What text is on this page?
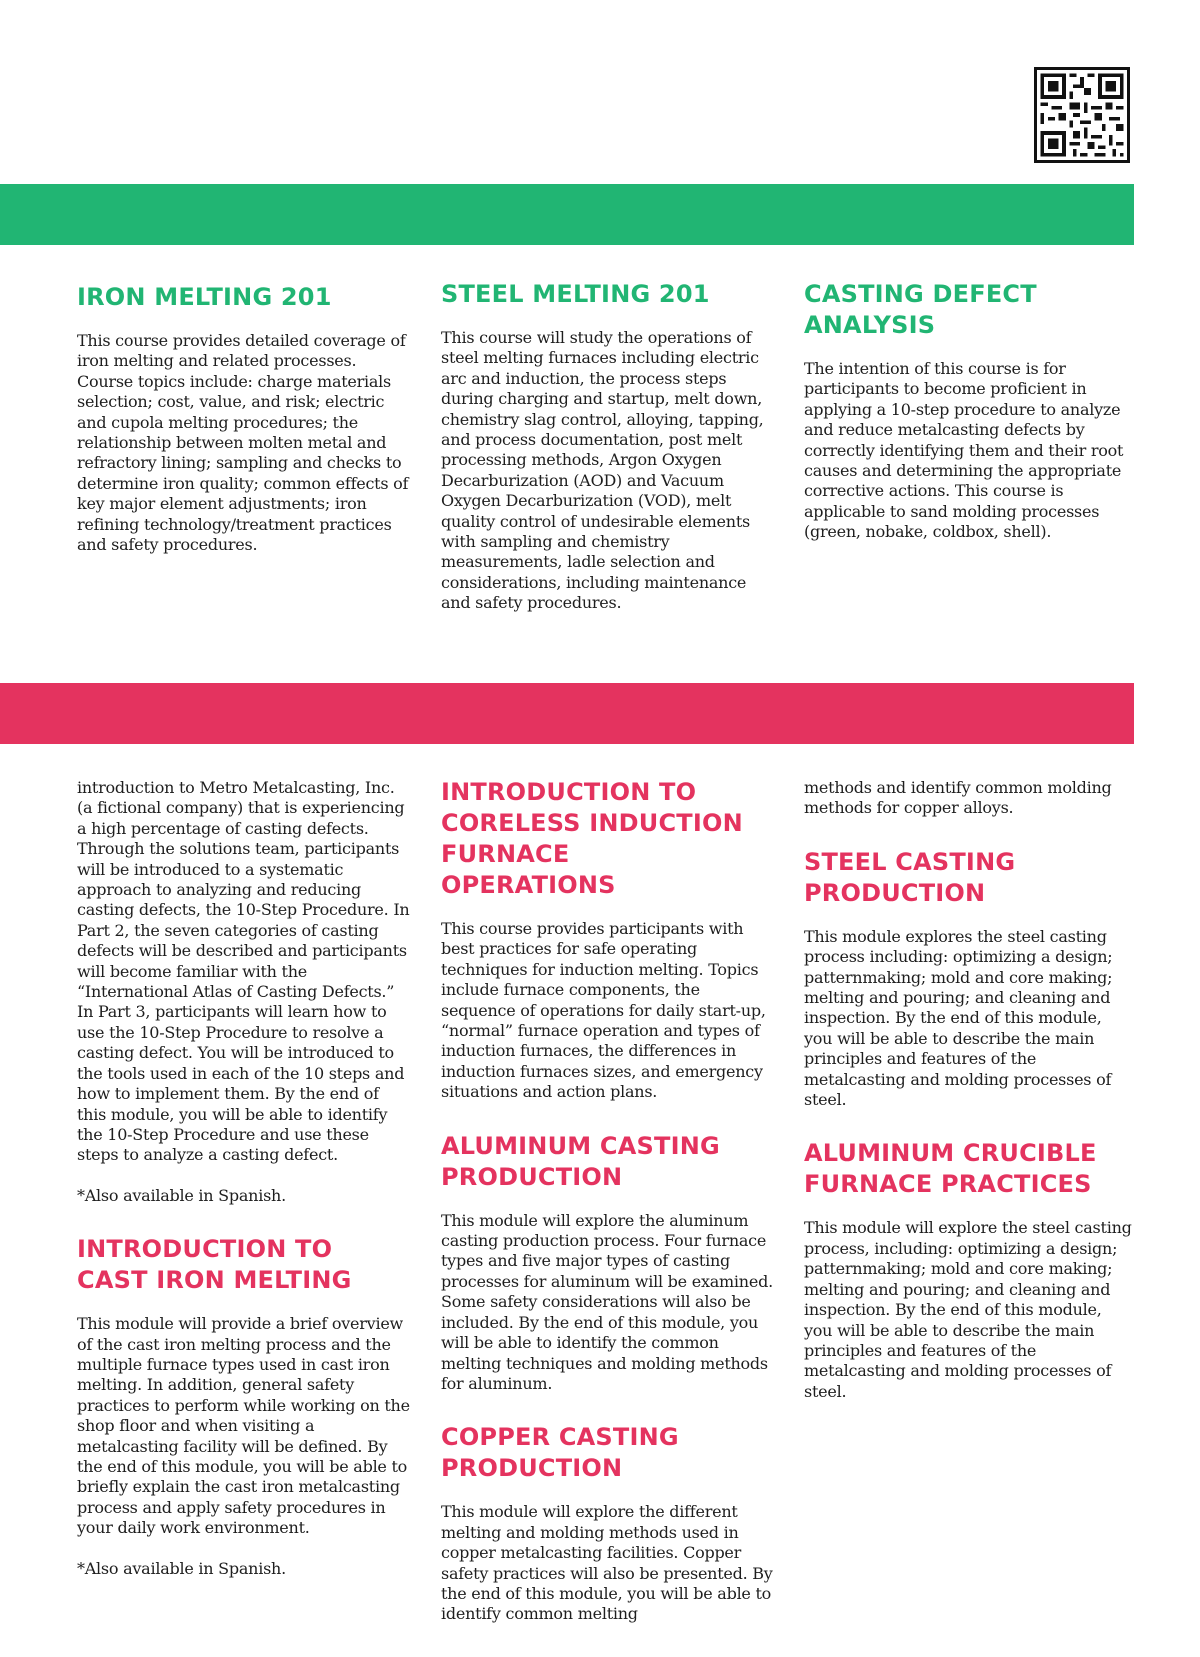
IRON MELTING 201

This course provides detailed coverage of iron melting and related processes. Course topics include: charge materials selection; cost, value, and risk; electric and cupola melting procedures; the relationship between molten metal and refractory lining; sampling and checks to determine iron quality; common effects of key major element adjustments; iron refining technology/treatment practices and safety procedures.

STEEL MELTING 201

This course will study the operations of steel melting furnaces including electric arc and induction, the process steps during charging and startup, melt down, chemistry slag control, alloying, tapping, and process documentation, post melt processing methods, Argon Oxygen Decarburization (AOD) and Vacuum Oxygen Decarburization (VOD), melt quality control of undesirable elements with sampling and chemistry measurements, ladle selection and considerations, including maintenance and safety procedures.

CASTING DEFECT ANALYSIS

The intention of this course is for participants to become proficient in applying a 10-step procedure to analyze and reduce metalcasting defects by correctly identifying them and their root causes and determining the appropriate corrective actions. This course is applicable to sand molding processes (green, nobake, coldbox, shell).

introduction to Metro Metalcasting, Inc. (a fictional company) that is experiencing a high percentage of casting defects. Through the solutions team, participants will be introduced to a systematic approach to analyzing and reducing casting defects, the 10-Step Procedure. In Part 2, the seven categories of casting defects will be described and participants will become familiar with the “International Atlas of Casting Defects.” In Part 3, participants will learn how to use the 10-Step Procedure to resolve a casting defect. You will be introduced to the tools used in each of the 10 steps and how to implement them. By the end of this module, you will be able to identify the 10-Step Procedure and use these steps to analyze a casting defect.

*Also available in Spanish.

INTRODUCTION TO CAST IRON MELTING

This module will provide a brief overview of the cast iron melting process and the multiple furnace types used in cast iron melting. In addition, general safety practices to perform while working on the shop floor and when visiting a metalcasting facility will be defined. By the end of this module, you will be able to briefly explain the cast iron metalcasting process and apply safety procedures in your daily work environment.

*Also available in Spanish.

INTRODUCTION TO CORELESS INDUCTION FURNACE OPERATIONS

This course provides participants with best practices for safe operating techniques for induction melting. Topics include furnace components, the sequence of operations for daily start-up, “normal” furnace operation and types of induction furnaces, the differences in induction furnaces sizes, and emergency situations and action plans.

ALUMINUM CASTING PRODUCTION

This module will explore the aluminum casting production process. Four furnace types and five major types of casting processes for aluminum will be examined. Some safety considerations will also be included. By the end of this module, you will be able to identify the common melting techniques and molding methods for aluminum.

COPPER CASTING PRODUCTION

This module will explore the different melting and molding methods used in copper metalcasting facilities. Copper safety practices will also be presented. By the end of this module, you will be able to identify common melting

methods and identify common molding methods for copper alloys.

STEEL CASTING PRODUCTION

This module explores the steel casting process including: optimizing a design; patternmaking; mold and core making; melting and pouring; and cleaning and inspection. By the end of this module, you will be able to describe the main principles and features of the metalcasting and molding processes of steel.

ALUMINUM CRUCIBLE FURNACE PRACTICES

This module will explore the steel casting process, including: optimizing a design; patternmaking; mold and core making; melting and pouring; and cleaning and inspection. By the end of this module, you will be able to describe the main principles and features of the metalcasting and molding processes of steel.
